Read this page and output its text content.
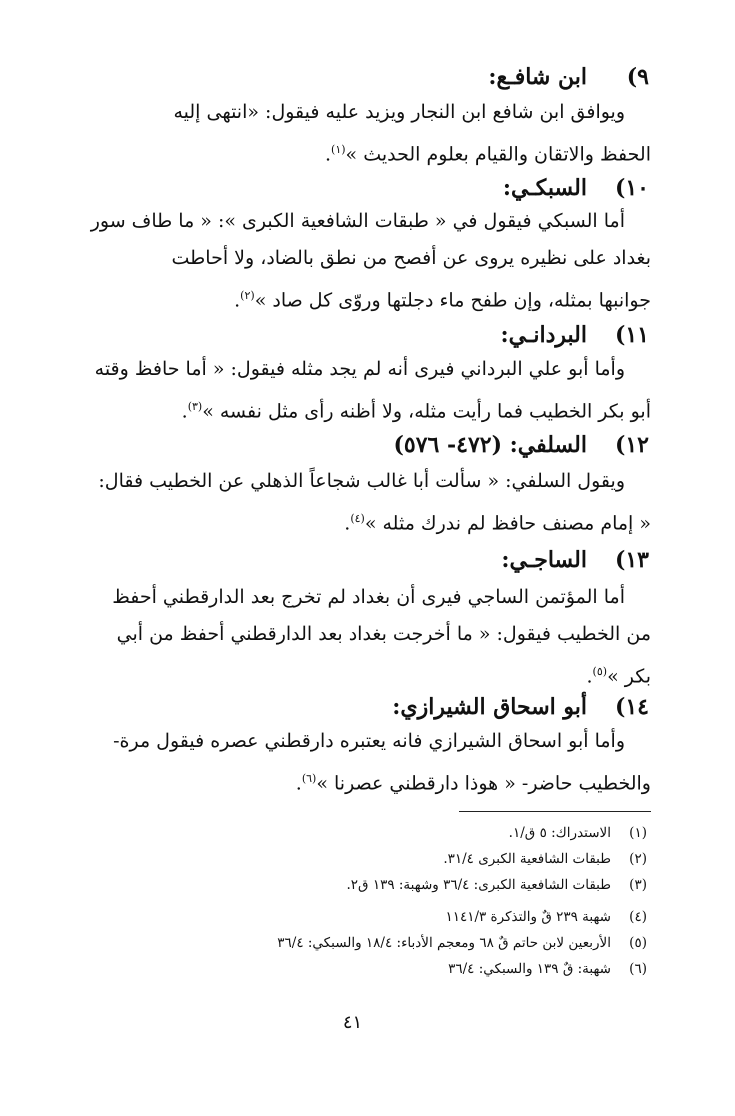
٩)
ابن شافـع:

ويوافق ابن شافع ابن النجار ويزيد عليه فيقول: «انتهى إليه

الحفظ والاتقان والقيام بعلوم الحديث »$^{(١)}$.

١٠)
السبكـي:

أما السبكي فيقول في « طبقات الشافعية الكبرى »: « ما طاف سور

بغداد على نظيره يروى عن أفصح من نطق بالضاد، ولا أحاطت

جوانبها بمثله، وإن طفح ماء دجلتها وروّى كل صاد »$^{(٢)}$.

١١)
البردانـي:

وأما أبو علي البرداني فيرى أنه لم يجد مثله فيقول: « أما حافظ وقته

أبو بكر الخطيب فما رأيت مثله، ولا أظنه رأى مثل نفسه »$^{(٣)}$.

١٢)
السلفي: (٤٧٢- ٥٧٦)

ويقول السلفي: « سألت أبا غالب شجاعاً الذهلي عن الخطيب فقال:

« إمام مصنف حافظ لم ندرك مثله »$^{(٤)}$.

١٣)
الساجـي:

أما المؤتمن الساجي فيرى أن بغداد لم تخرج بعد الدارقطني أحفظ

من الخطيب فيقول: « ما أخرجت بغداد بعد الدارقطني أحفظ من أبي

بكر »$^{(٥)}$.

١٤)
أبو اسحاق الشيرازي:

وأما أبو اسحاق الشيرازي فانه يعتبره دارقطني عصره فيقول مرة-

والخطيب حاضر- « هوذا دارقطني عصرنا »$^{(٦)}$.

(١)
الاستدراك: ٥ ق/١.
(٢)
طبقات الشافعية الكبرى ٣١/٤.
(٣)
طبقات الشافعية الكبرى: ٣٦/٤ وشهبة: ١٣٩ ق٢.
(٤)
شهبة ٢٣٩ قٌ والتذكرة ١١٤١/٣
(٥)
الأربعين لابن حاتم قٌ ٦٨ ومعجم الأدباء: ١٨/٤ والسبكي: ٣٦/٤
(٦)
شهبة: قٌ ١٣٩ والسبكي: ٣٦/٤
٤١
